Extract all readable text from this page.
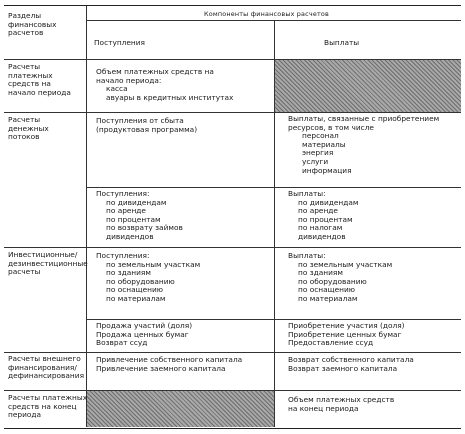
Разделы
финансовых
расчетов
Компоненты финансовых расчетов
Поступления	Выплаты
Расчеты
платежных
средств на
начало периода
Объем платежных средств на
начало периода:
касса
авуары в кредитных институтах
Расчеты
денежных
потоков
Поступления от сбыта
(продуктовая программа)
Выплаты, связанные с приобретением
ресурсов, в том числе
персонал
материалы
энергия
услуги
информация
Поступления:
по дивидендам
по аренде
по процентам
по возврату займов
дивидендов
Выплаты:
по дивидендам
по аренде
по процентам
по налогам
дивидендов
Инвестиционные/
дезинвестиционные
расчеты
Поступления:
по земельным участкам
по зданиям
по оборудованию
по оснащению
по материалам
Выплаты:
по земельным участкам
по зданиям
по оборудованию
по оснащению
по материалам
Продажа участий (доля)
Продажа ценных бумаг
Возврат ссуд
Приобретение участия (доля)
Приобретение ценных бумаг
Предоставление ссуд
Расчеты внешнего
финансирования/
дефинансирования
Привлечение собственного капитала
Привлечение заемного капитала
Возврат собственного капитала
Возврат заемного капитала
Расчеты платежных
средств на конец
периода
Объем платежных средств
на конец периода
